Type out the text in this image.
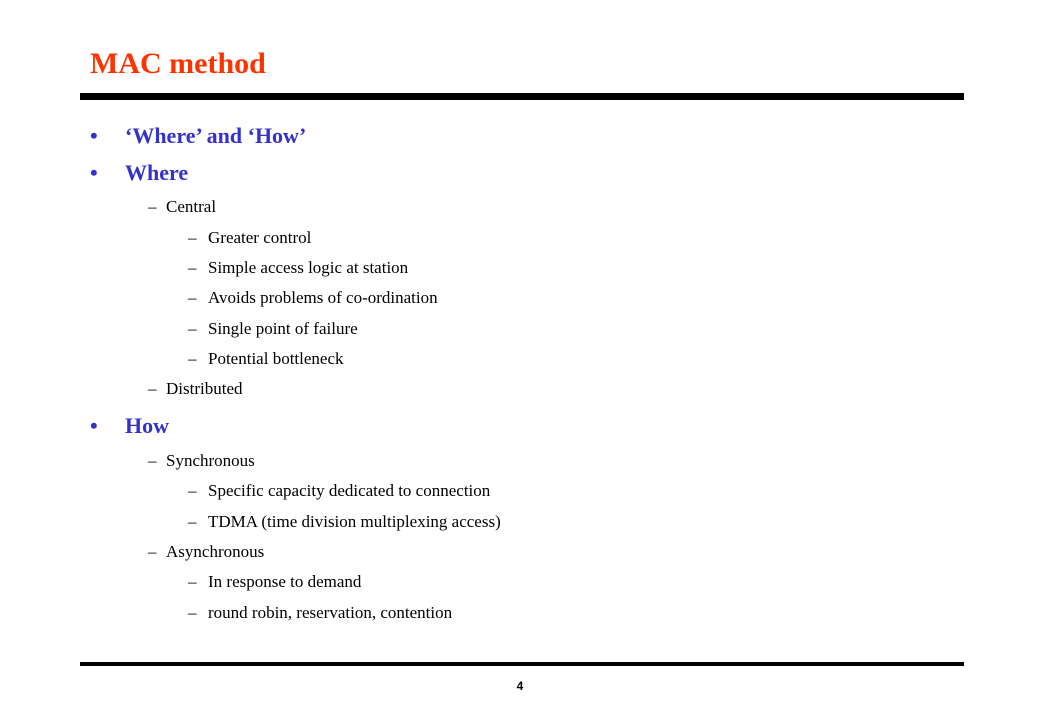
MAC method
•	‘Where’ and ‘How’
•	Where
– Central
– Greater control
– Simple access logic at station
– Avoids problems of co-ordination
– Single point of failure
– Potential bottleneck
– Distributed
•	How
– Synchronous
– Specific capacity dedicated to connection
– TDMA (time division multiplexing access)
– Asynchronous
– In response to demand
– round robin, reservation, contention
4
